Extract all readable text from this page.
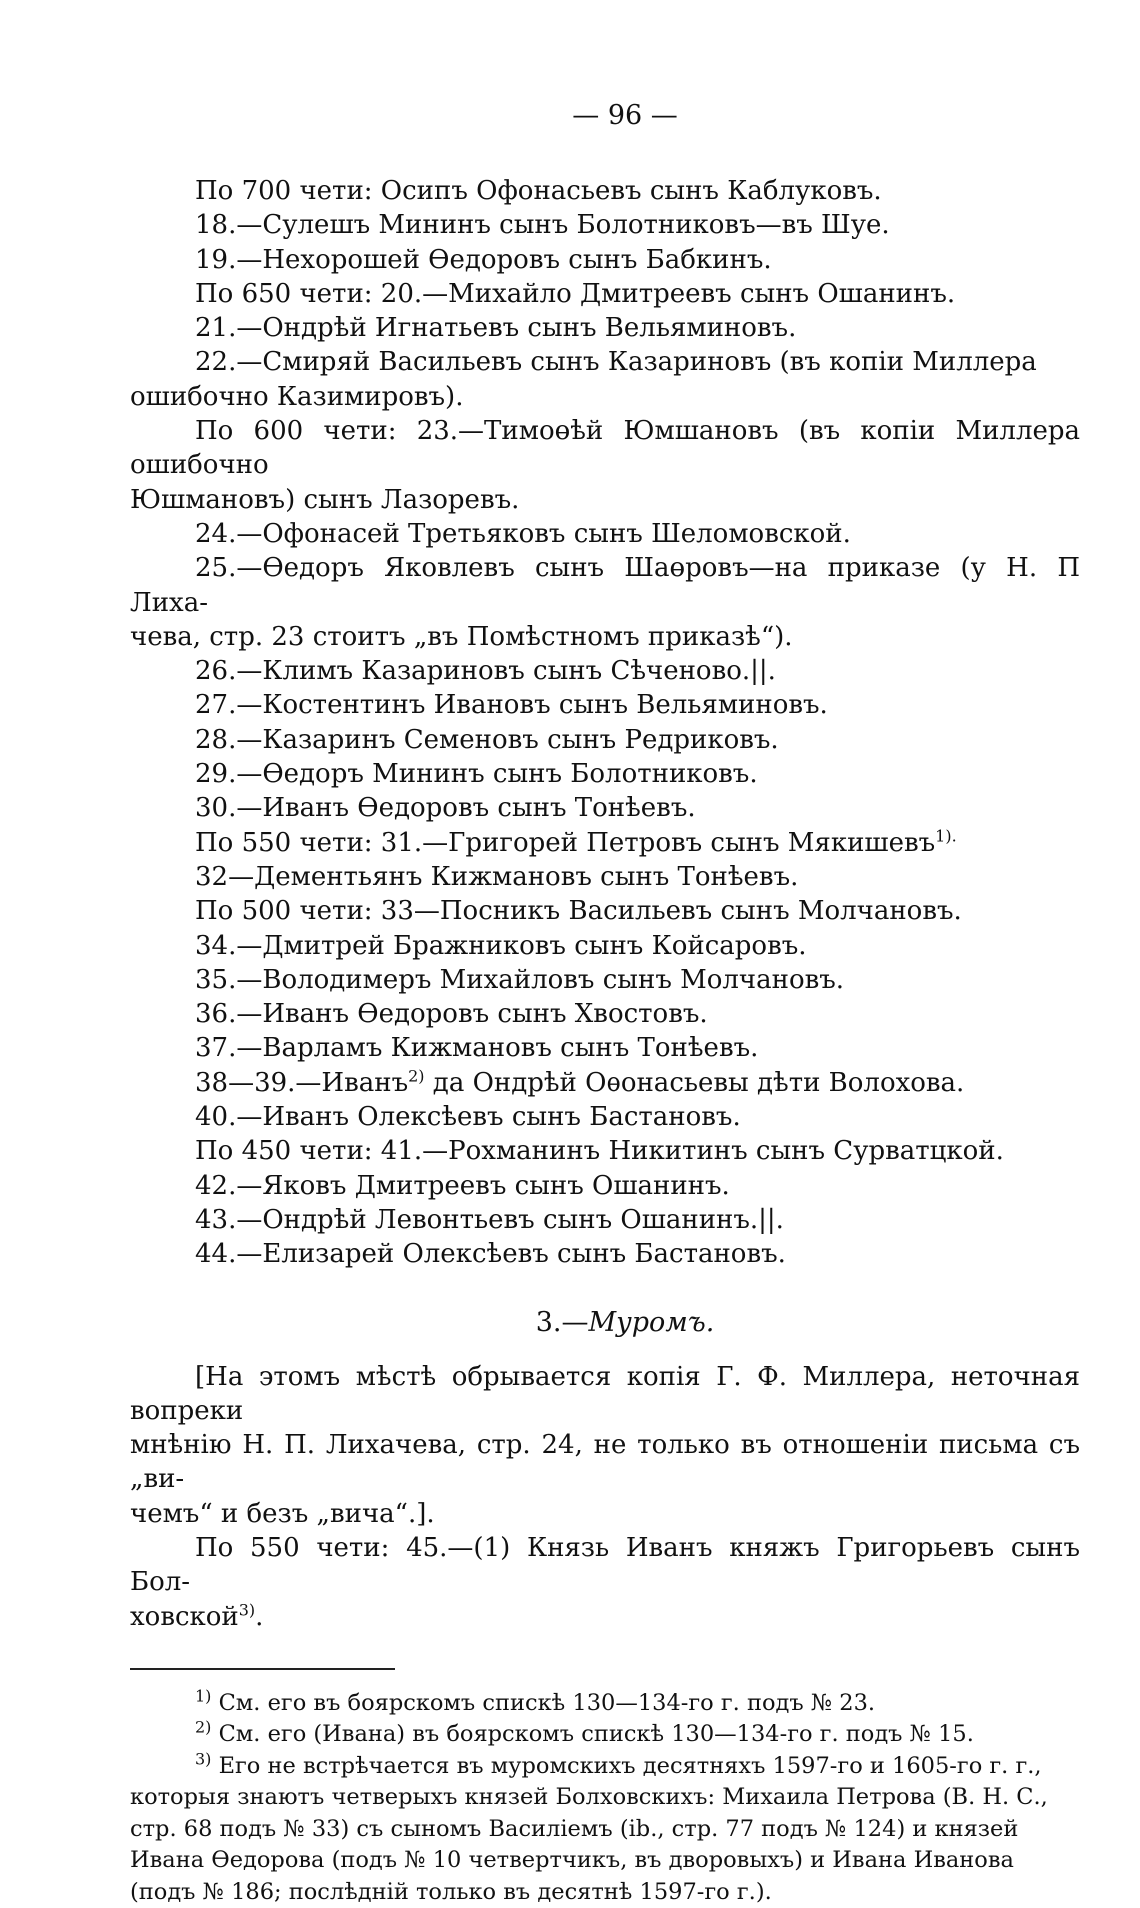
— 96 —
По 700 чети: Осипъ Офонасьевъ сынъ Каблуковъ.
18.—Сулешъ Мининъ сынъ Болотниковъ—въ Шуе.
19.—Нехорошей Өедоровъ сынъ Бабкинъ.
По 650 чети: 20.—Михайло Дмитреевъ сынъ Ошанинъ.
21.—Ондрѣй Игнатьевъ сынъ Вельяминовъ.
22.—Смиряй Васильевъ сынъ Казариновъ (въ копiи Миллера
ошибочно Казимировъ).
По 600 чети: 23.—Тимоөѣй Юмшановъ (въ копiи Миллера ошибочно
Юшмановъ) сынъ Лазоревъ.
24.—Офонасей Третьяковъ сынъ Шеломовской.
25.—Өедоръ Яковлевъ сынъ Шаөровъ—на приказе (у Н. П Лиха-
чева, стр. 23 стоитъ „въ Помѣстномъ приказѣ“).
26.—Климъ Казариновъ сынъ Сѣченово.||.
27.—Костентинъ Ивановъ сынъ Вельяминовъ.
28.—Казаринъ Семеновъ сынъ Редриковъ.
29.—Өедоръ Мининъ сынъ Болотниковъ.
30.—Иванъ Өедоровъ сынъ Тонѣевъ.
По 550 чети: 31.—Григорей Петровъ сынъ Мякишевъ$^{1).}$
32—Дементьянъ Кижмановъ сынъ Тонѣевъ.
По 500 чети: 33—Посникъ Васильевъ сынъ Молчановъ.
34.—Дмитрей Бражниковъ сынъ Койсаровъ.
35.—Володимеръ Михайловъ сынъ Молчановъ.
36.—Иванъ Өедоровъ сынъ Хвостовъ.
37.—Варламъ Кижмановъ сынъ Тонѣевъ.
38—39.—Иванъ$^{2)}$ да Ондрѣй Оѳонасьевы дѣти Волохова.
40.—Иванъ Олексѣевъ сынъ Бастановъ.
По 450 чети: 41.—Рохманинъ Никитинъ сынъ Сурватцкой.
42.—Яковъ Дмитреевъ сынъ Ошанинъ.
43.—Ондрѣй Левонтьевъ сынъ Ошанинъ.||.
44.—Елизарей Олексѣевъ сынъ Бастановъ.
3.—Муромъ.
[На этомъ мѣстѣ обрывается копiя Г. Ф. Миллера, неточная вопреки
мнѣнiю Н. П. Лихачева, стр. 24, не только въ отношенiи письма съ „ви-
чемъ“ и безъ „вича“.].
По 550 чети: 45.—(1) Князь Иванъ княжъ Григорьевъ сынъ Бол-
ховской$^{3)}$.
$^{1)}$ См. его въ боярскомъ спискѣ 130—134-го г. подъ № 23.
$^{2)}$ См. его (Ивана) въ боярскомъ спискѣ 130—134-го г. подъ № 15.
$^{3)}$ Его не встрѣчается въ муромскихъ десятняхъ 1597-го и 1605-го г. г.,
которыя знаютъ четверыхъ князей Болховскихъ: Михаила Петрова (В. Н. С.,
стр. 68 подъ № 33) съ сыномъ Василiемъ (ib., стр. 77 подъ № 124) и князей
Ивана Өедорова (подъ № 10 четвертчикъ, въ дворовыхъ) и Ивана Иванова
(подъ № 186; послѣднiй только въ десятнѣ 1597-го г.).
